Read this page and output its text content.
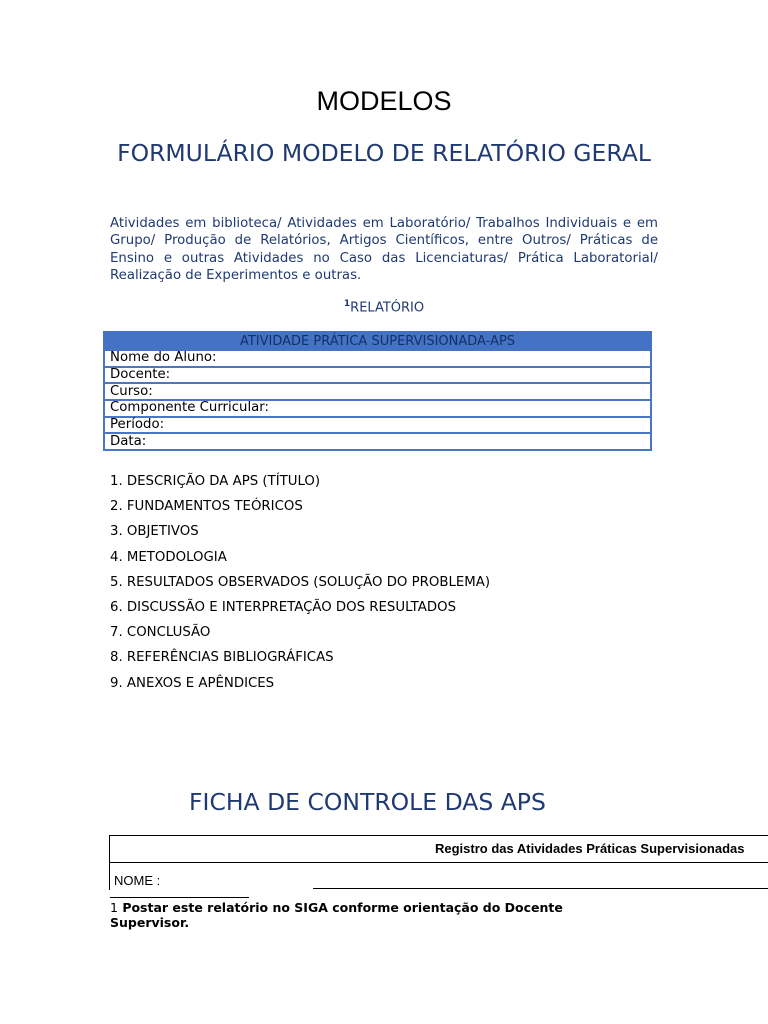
MODELOS
FORMULÁRIO MODELO DE RELATÓRIO GERAL
Atividades em biblioteca/ Atividades em Laboratório/ Trabalhos Individuais e em Grupo/ Produção de Relatórios, Artigos Científicos, entre Outros/ Práticas de Ensino e outras Atividades no Caso das Licenciaturas/ Prática Laboratorial/ Realização de Experimentos e outras.
$^1$RELATÓRIO
ATIVIDADE PRÁTICA SUPERVISIONADA-APS
Nome do Aluno:
Docente:
Curso:
Componente Curricular:
Período:
Data:
1. DESCRIÇÃO DA APS (TÍTULO)
2. FUNDAMENTOS TEÓRICOS
3. OBJETIVOS
4. METODOLOGIA
5. RESULTADOS OBSERVADOS (SOLUÇÃO DO PROBLEMA)
6. DISCUSSÃO E INTERPRETAÇÃO DOS RESULTADOS
7. CONCLUSÃO
8. REFERÊNCIAS BIBLIOGRÁFICAS
9. ANEXOS E APÊNDICES
FICHA DE CONTROLE DAS APS
Registro das Atividades Práticas Supervisionadas
NOME :
1 Postar este relatório no SIGA conforme orientação do Docente Supervisor.
